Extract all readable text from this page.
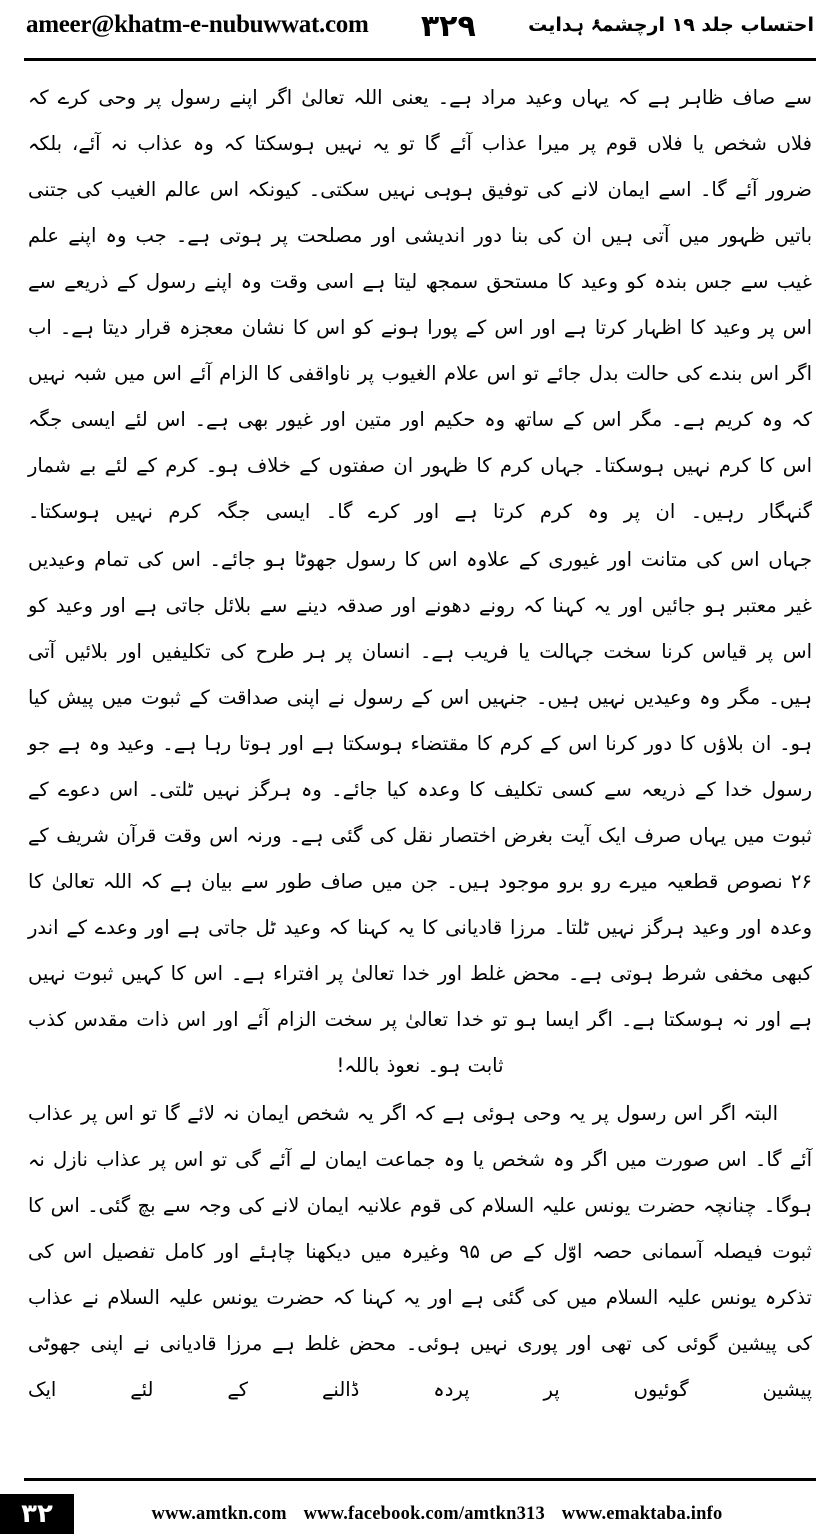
ameer@khatm-e-nubuwwat.com	۳۲۹	احتساب جلد ۱۹ ارچشمۂ ہدایت

سے صاف ظاہر ہے کہ یہاں وعید مراد ہے۔ یعنی اللہ تعالیٰ اگر اپنے رسول پر وحی کرے کہ فلاں شخص یا فلاں قوم پر میرا عذاب آئے گا تو یہ نہیں ہوسکتا کہ وہ عذاب نہ آئے، بلکہ ضرور آئے گا۔ اسے ایمان لانے کی توفیق ہوہی نہیں سکتی۔ کیونکہ اس عالم الغیب کی جتنی باتیں ظہور میں آتی ہیں ان کی بنا دور اندیشی اور مصلحت پر ہوتی ہے۔ جب وہ اپنے علم غیب سے جس بندہ کو وعید کا مستحق سمجھ لیتا ہے اسی وقت وہ اپنے رسول کے ذریعے سے اس پر وعید کا اظہار کرتا ہے اور اس کے پورا ہونے کو اس کا نشان معجزہ قرار دیتا ہے۔ اب اگر اس بندے کی حالت بدل جائے تو اس علام الغیوب پر ناواقفی کا الزام آئے اس میں شبہ نہیں کہ وہ کریم ہے۔ مگر اس کے ساتھ وہ حکیم اور متین اور غیور بھی ہے۔ اس لئے ایسی جگہ اس کا کرم نہیں ہوسکتا۔ جہاں کرم کا ظہور ان صفتوں کے خلاف ہو۔ کرم کے لئے بے شمار گنہگار رہیں۔ ان پر وہ کرم کرتا ہے اور کرے گا۔ ایسی جگہ کرم نہیں ہوسکتا۔

جہاں اس کی متانت اور غیوری کے علاوہ اس کا رسول جھوٹا ہو جائے۔ اس کی تمام وعیدیں غیر معتبر ہو جائیں اور یہ کہنا کہ رونے دھونے اور صدقہ دینے سے بلائل جاتی ہے اور وعید کو اس پر قیاس کرنا سخت جہالت یا فریب ہے۔ انسان پر ہر طرح کی تکلیفیں اور بلائیں آتی ہیں۔ مگر وہ وعیدیں نہیں ہیں۔ جنہیں اس کے رسول نے اپنی صداقت کے ثبوت میں پیش کیا ہو۔ ان بلاؤں کا دور کرنا اس کے کرم کا مقتضاء ہوسکتا ہے اور ہوتا رہا ہے۔ وعید وہ ہے جو رسول خدا کے ذریعہ سے کسی تکلیف کا وعدہ کیا جائے۔ وہ ہرگز نہیں ٹلتی۔ اس دعوے کے ثبوت میں یہاں صرف ایک آیت بغرض اختصار نقل کی گئی ہے۔ ورنہ اس وقت قرآن شریف کے ۲۶ نصوص قطعیہ میرے رو برو موجود ہیں۔ جن میں صاف طور سے بیان ہے کہ اللہ تعالیٰ کا وعدہ اور وعید ہرگز نہیں ٹلتا۔ مرزا قادیانی کا یہ کہنا کہ وعید ٹل جاتی ہے اور وعدے کے اندر کبھی مخفی شرط ہوتی ہے۔ محض غلط اور خدا تعالیٰ پر افتراء ہے۔ اس کا کہیں ثبوت نہیں ہے اور نہ ہوسکتا ہے۔ اگر ایسا ہو تو خدا تعالیٰ پر سخت الزام آئے اور اس ذات مقدس کذب ثابت ہو۔ نعوذ باللہ!

البتہ اگر اس رسول پر یہ وحی ہوئی ہے کہ اگر یہ شخص ایمان نہ لائے گا تو اس پر عذاب آئے گا۔ اس صورت میں اگر وہ شخص یا وہ جماعت ایمان لے آئے گی تو اس پر عذاب نازل نہ ہوگا۔ چنانچہ حضرت یونس علیہ السلام کی قوم علانیہ ایمان لانے کی وجہ سے بچ گئی۔ اس کا ثبوت فیصلہ آسمانی حصہ اوّل کے ص ۹۵ وغیرہ میں دیکھنا چاہئے اور کامل تفصیل اس کی تذکرہ یونس علیہ السلام میں کی گئی ہے اور یہ کہنا کہ حضرت یونس علیہ السلام نے عذاب کی پیشین گوئی کی تھی اور پوری نہیں ہوئی۔ محض غلط ہے مرزا قادیانی نے اپنی جھوٹی پیشین گوئیوں پر پردہ ڈالنے کے لئے ایک

۳۲	www.amtkn.com www.facebook.com/amtkn313 www.emaktaba.info
